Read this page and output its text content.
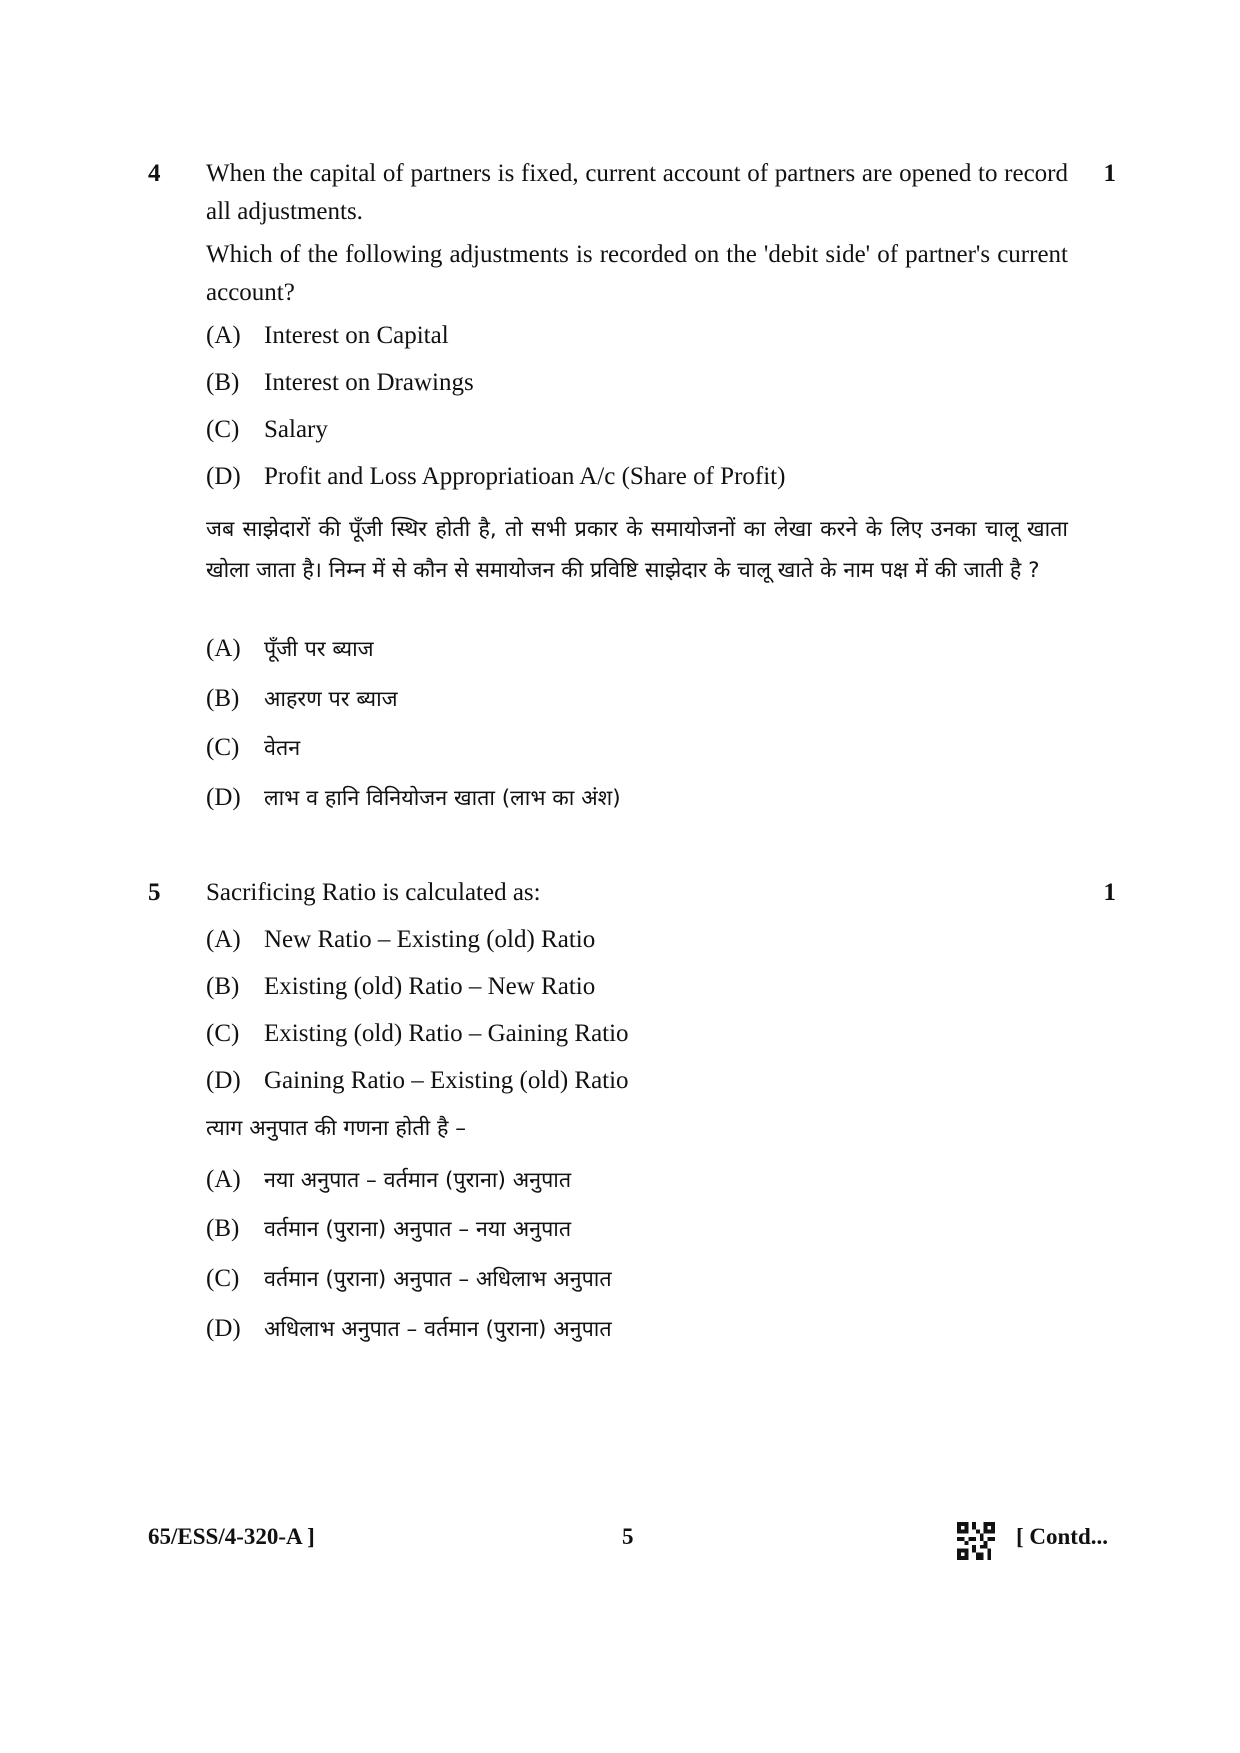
4	1

When the capital of partners is fixed, current account of partners are opened to record all adjustments.

Which of the following adjustments is recorded on the 'debit side' of partner's current account?

(A) Interest on Capital
(B) Interest on Drawings
(C) Salary
(D) Profit and Loss Appropriatioan A/c (Share of Profit)
जब साझेदारों की पूँजी स्थिर होती है, तो सभी प्रकार के समायोजनों का लेखा करने के लिए उनका चालू खाता खोला जाता है। निम्न में से कौन से समायोजन की प्रविष्टि साझेदार के चालू खाते के नाम पक्ष में की जाती है ?
(A) पूँजी पर ब्याज
(B) आहरण पर ब्याज
(C) वेतन
(D) लाभ व हानि विनियोजन खाता (लाभ का अंश)
5	1
Sacrificing Ratio is calculated as:
(A) New Ratio – Existing (old) Ratio
(B) Existing (old) Ratio – New Ratio
(C) Existing (old) Ratio – Gaining Ratio
(D) Gaining Ratio – Existing (old) Ratio
त्याग अनुपात की गणना होती है –
(A) नया अनुपात – वर्तमान (पुराना) अनुपात
(B) वर्तमान (पुराना) अनुपात – नया अनुपात
(C) वर्तमान (पुराना) अनुपात – अधिलाभ अनुपात
(D) अधिलाभ अनुपात – वर्तमान (पुराना) अनुपात
65/ESS/4-320-A ]	5	[ Contd...
